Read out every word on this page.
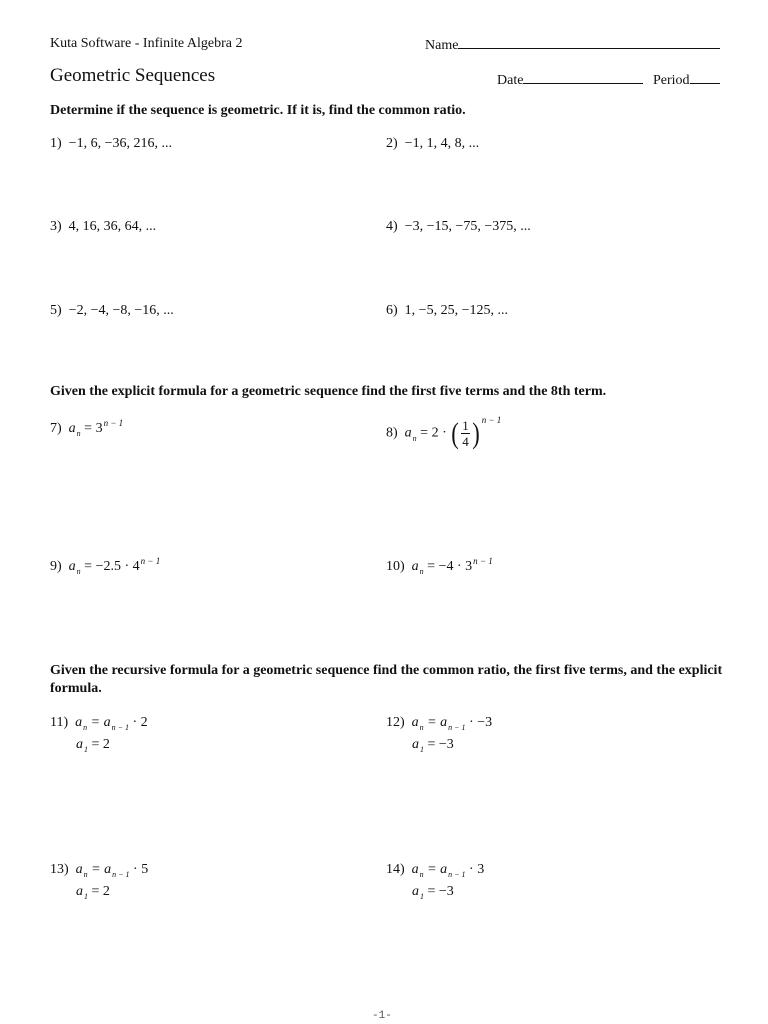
Kuta Software - Infinite Algebra 2	Name
Geometric Sequences	Date	Period
Determine if the sequence is geometric. If it is, find the common ratio.
1) −1, 6, −36, 216, ...	2) −1, 1, 4, 8, ...
3) 4, 16, 36, 64, ...	4) −3, −15, −75, −375, ...
5) −2, −4, −8, −16, ...	6) 1, −5, 25, −125, ...
Given the explicit formula for a geometric sequence find the first five terms and the 8th term.
7) $a_n = 3^{n - 1}$
8) $a_n = 2$ · ( $\frac{1}{4}$ ) $^{n - 1}$
9) $a_n = -2.5 \cdot 4^{n - 1}$	10) $a_n = -4 \cdot 3^{n - 1}$
Given the recursive formula for a geometric sequence find the common ratio, the first five terms, and the explicit formula.
11) $a_n = a_{n - 1} \cdot 2$
$a_1 = 2$
12) $a_n = a_{n - 1} \cdot -3$
$a_1 = -3$
13) $a_n = a_{n - 1} \cdot 5$
$a_1 = 2$
14) $a_n = a_{n - 1} \cdot 3$
$a_1 = -3$
-1-
